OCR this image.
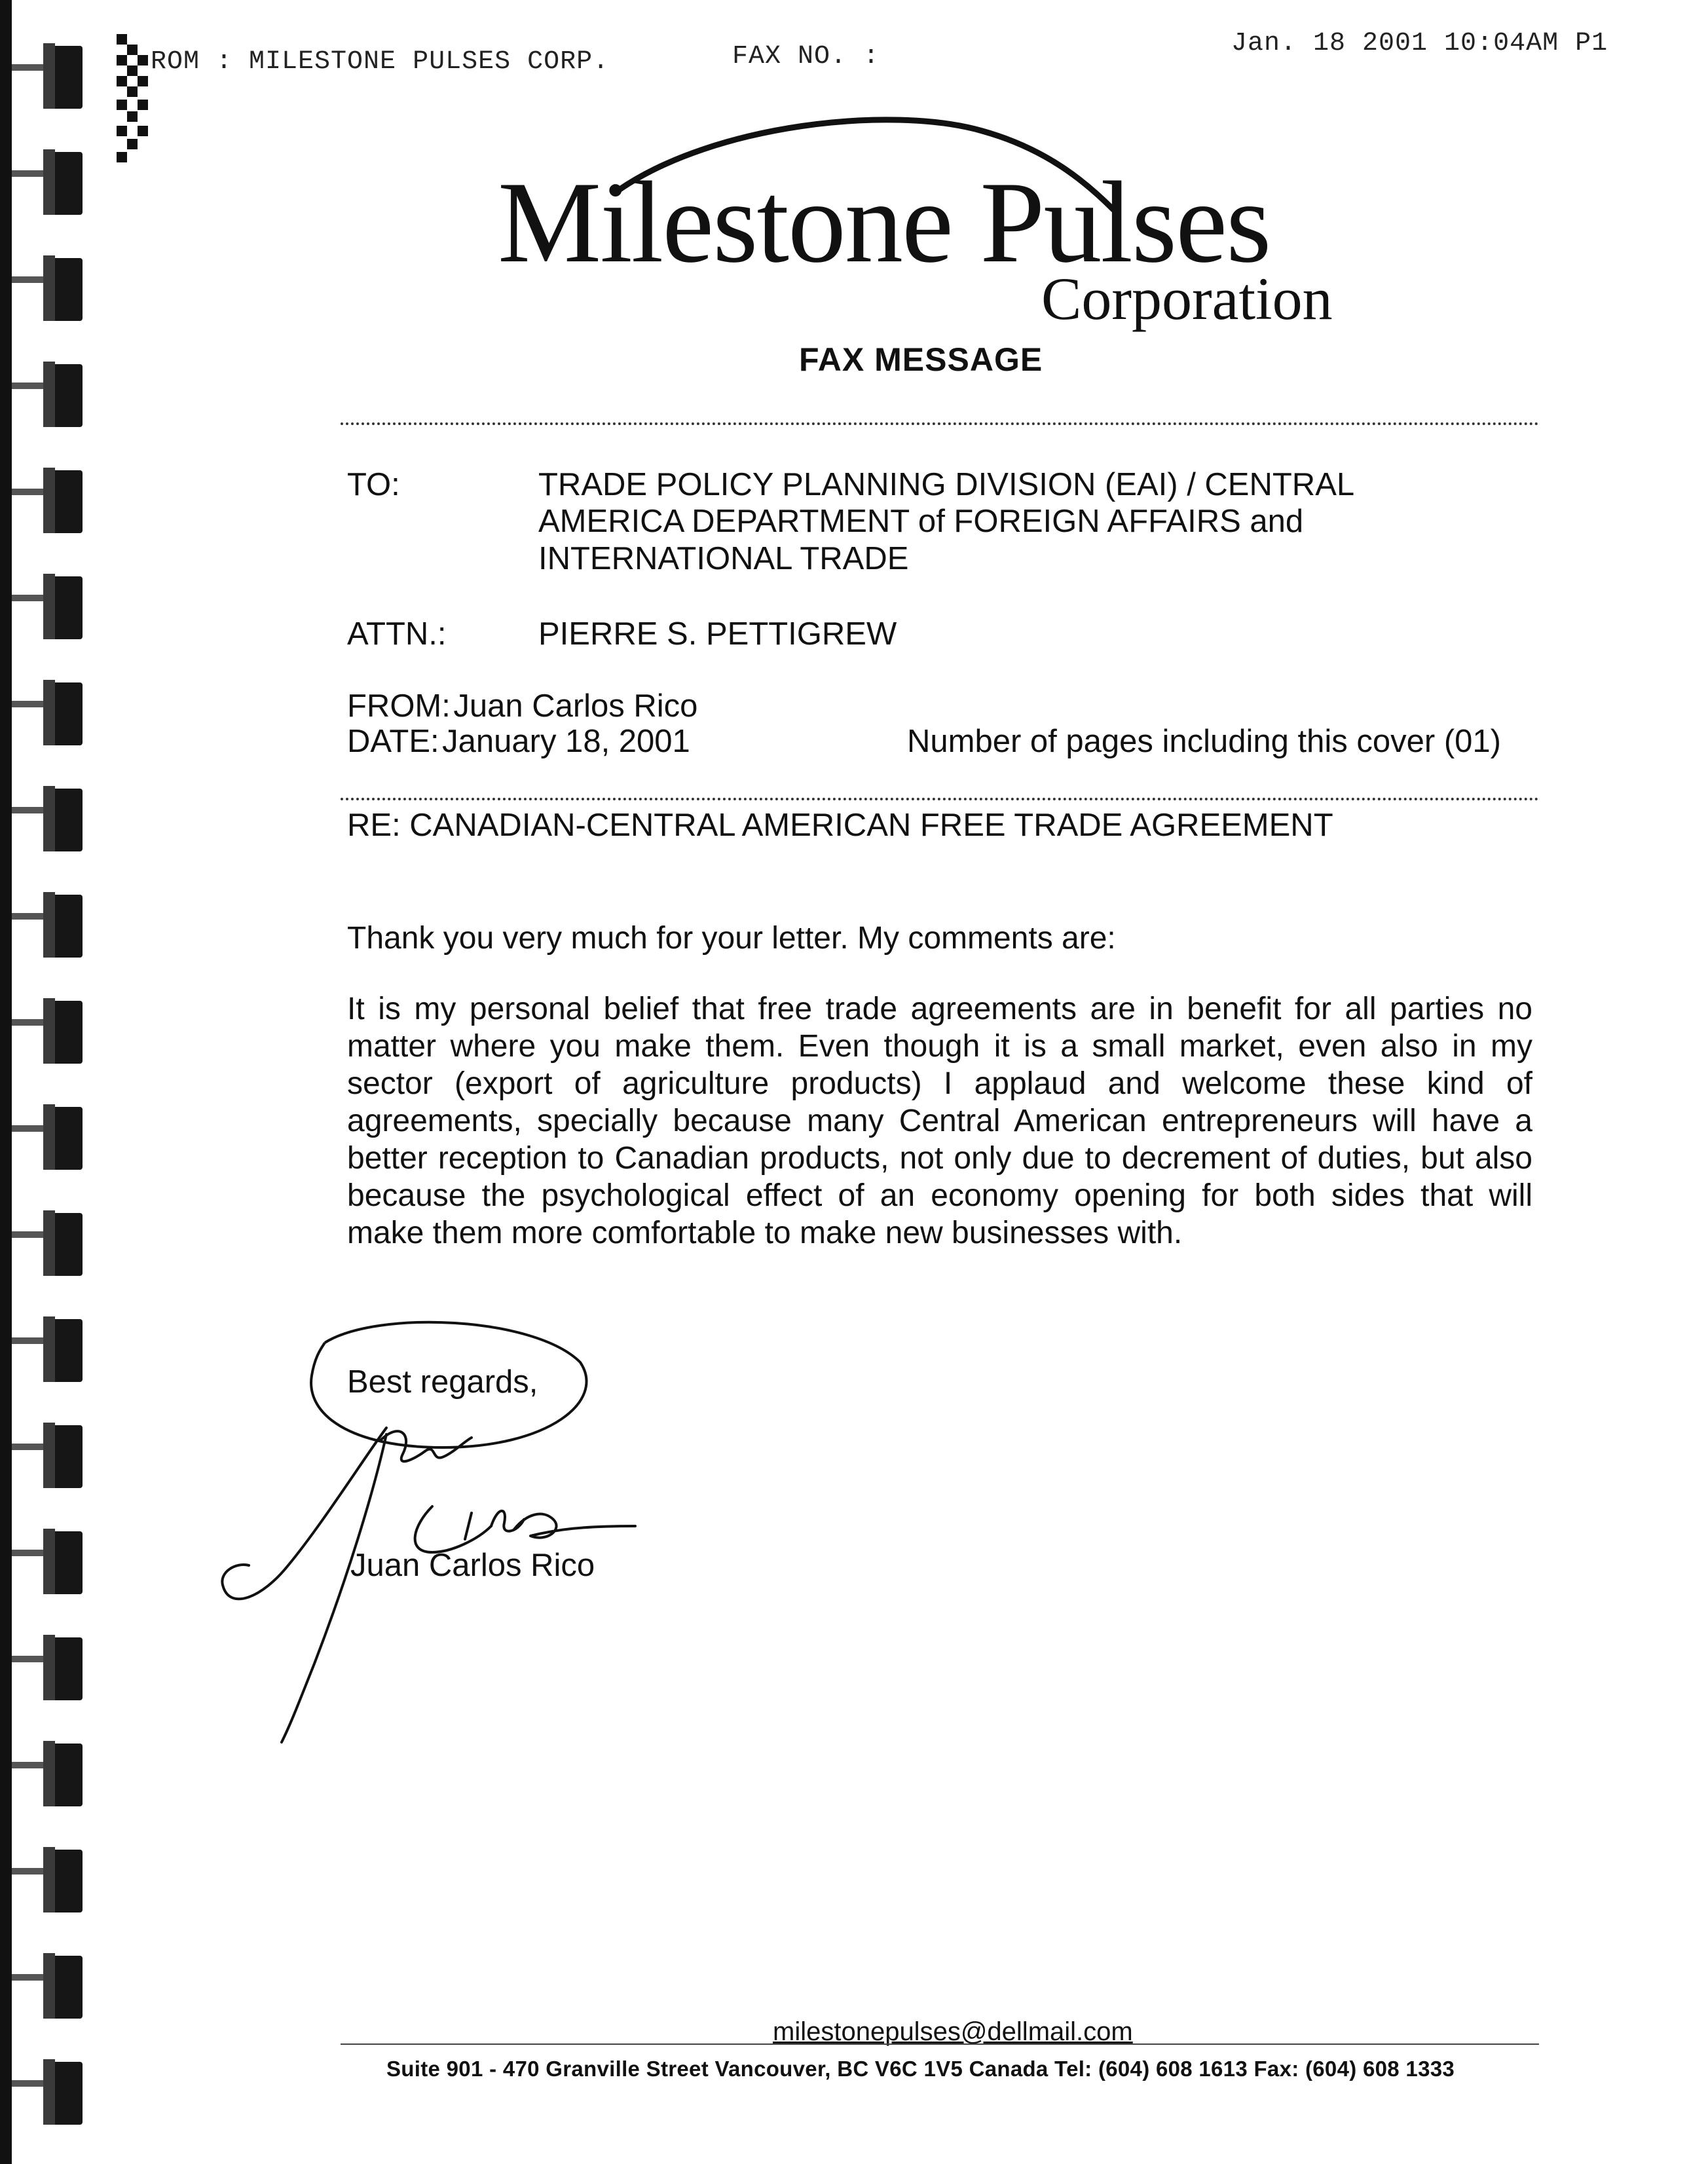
ROM : MILESTONE PULSES CORP.	FAX NO. :	Jan. 18 2001 10:04AM P1
Milestone Pulses
Corporation
FAX MESSAGE
TO:	TRADE POLICY PLANNING DIVISION (EAI) / CENTRAL
AMERICA DEPARTMENT of FOREIGN AFFAIRS and
INTERNATIONAL TRADE
ATTN.:	PIERRE S. PETTIGREW
FROM: Juan Carlos Rico
DATE: January 18, 2001	Number of pages including this cover (01)
RE: CANADIAN-CENTRAL AMERICAN FREE TRADE AGREEMENT
Thank you very much for your letter. My comments are:
It is my personal belief that free trade agreements are in benefit for all parties no matter where you make them. Even though it is a small market, even also in my sector (export of agriculture products) I applaud and welcome these kind of agreements, specially because many Central American entrepreneurs will have a better reception to Canadian products, not only due to decrement of duties, but also because the psychological effect of an economy opening for both sides that will make them more comfortable to make new businesses with.
Best regards,
Juan Carlos Rico
milestonepulses@dellmail.com
Suite 901 - 470 Granville Street Vancouver, BC V6C 1V5 Canada Tel: (604) 608 1613 Fax: (604) 608 1333
